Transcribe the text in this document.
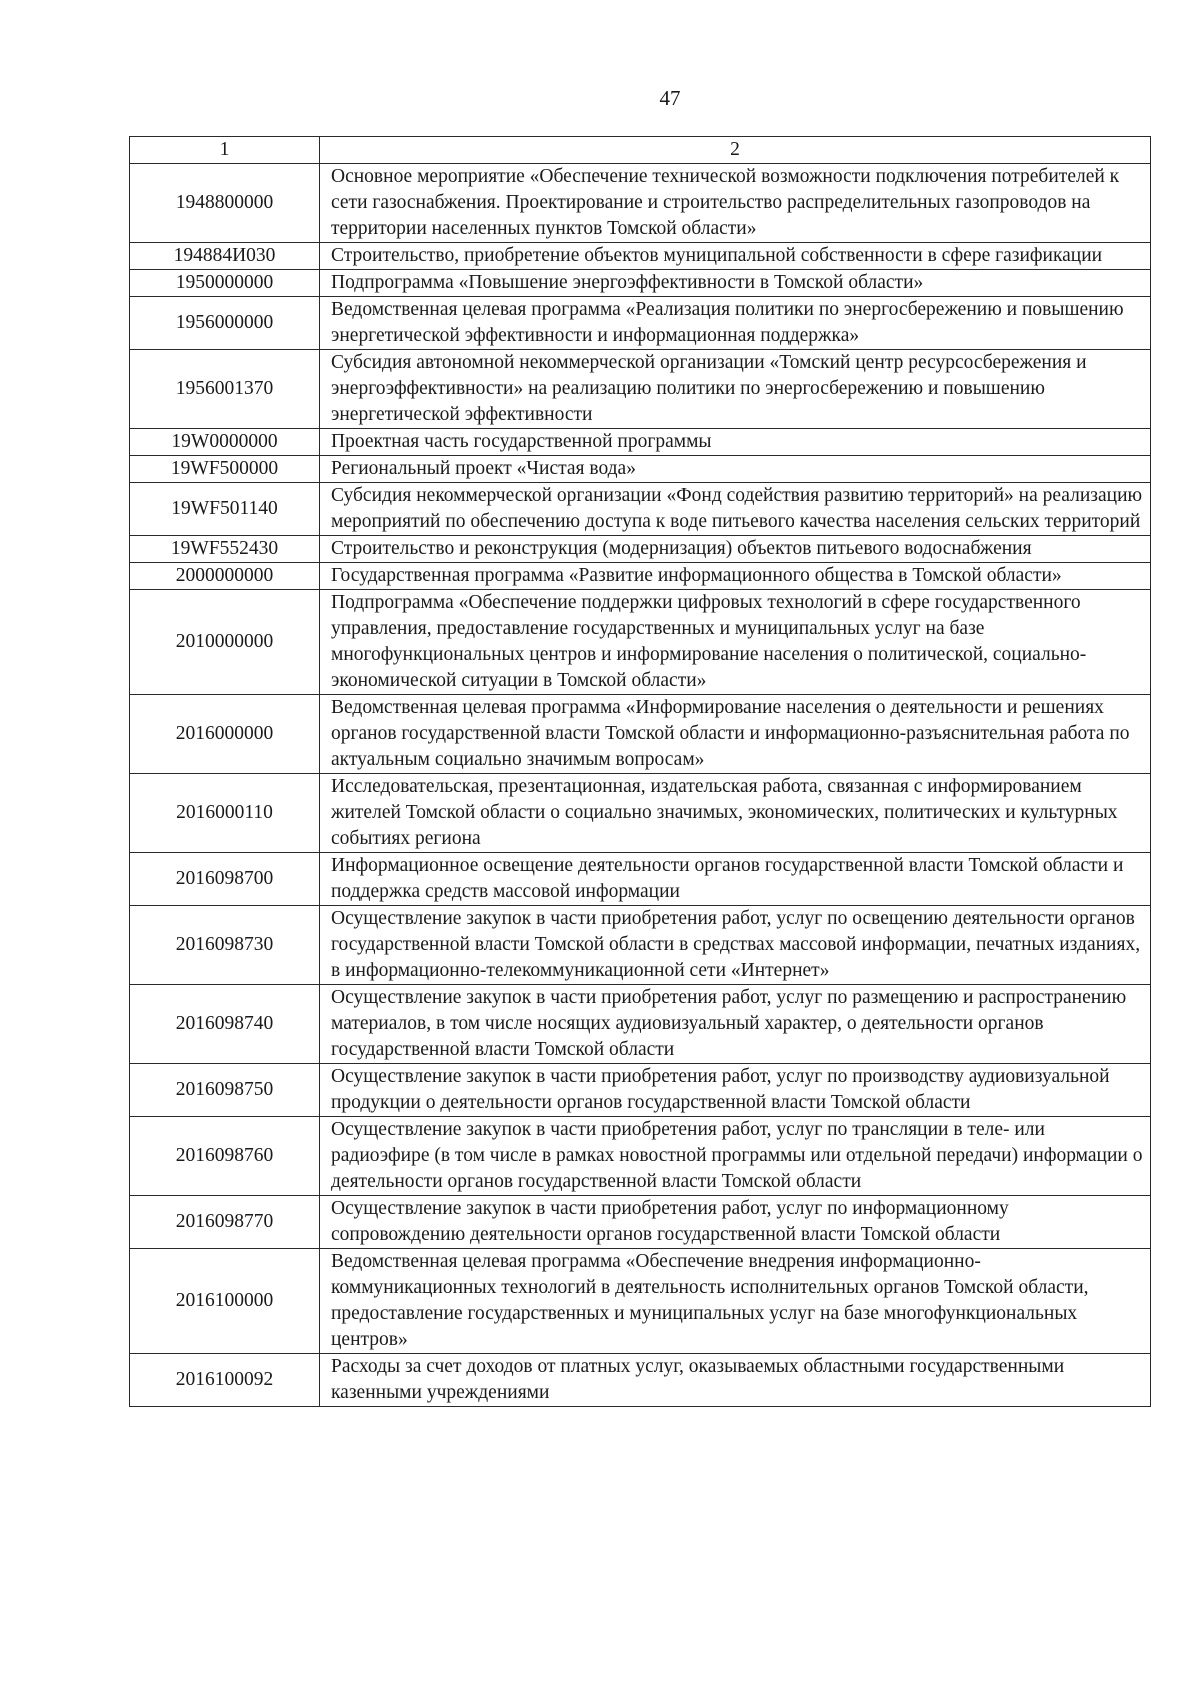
47
1	2
1948800000	Основное мероприятие «Обеспечение технической возможности подключения потребителей к сети газоснабжения. Проектирование и строительство распределительных газопроводов на территории населенных пунктов Томской области»
194884И030	Строительство, приобретение объектов муниципальной собственности в сфере газификации
1950000000	Подпрограмма «Повышение энергоэффективности в Томской области»
1956000000	Ведомственная целевая программа «Реализация политики по энергосбережению и повышению энергетической эффективности и информационная поддержка»
1956001370	Субсидия автономной некоммерческой организации «Томский центр ресурсосбережения и энергоэффективности» на реализацию политики по энергосбережению и повышению энергетической эффективности
19W0000000	Проектная часть государственной программы
19WF500000	Региональный проект «Чистая вода»
19WF501140	Субсидия некоммерческой организации «Фонд содействия развитию территорий» на реализацию мероприятий по обеспечению доступа к воде питьевого качества населения сельских территорий
19WF552430	Строительство и реконструкция (модернизация) объектов питьевого водоснабжения
2000000000	Государственная программа «Развитие информационного общества в Томской области»
2010000000	Подпрограмма «Обеспечение поддержки цифровых технологий в сфере государственного управления, предоставление государственных и муниципальных услуг на базе многофункциональных центров и информирование населения о политической, социально-экономической ситуации в Томской области»
2016000000	Ведомственная целевая программа «Информирование населения о деятельности и решениях органов государственной власти Томской области и информационно-разъяснительная работа по актуальным социально значимым вопросам»
2016000110	Исследовательская, презентационная, издательская работа, связанная с информированием жителей Томской области о социально значимых, экономических, политических и культурных событиях региона
2016098700	Информационное освещение деятельности органов государственной власти Томской области и поддержка средств массовой информации
2016098730	Осуществление закупок в части приобретения работ, услуг по освещению деятельности органов государственной власти Томской области в средствах массовой информации, печатных изданиях, в информационно-телекоммуникационной сети «Интернет»
2016098740	Осуществление закупок в части приобретения работ, услуг по размещению и распространению материалов, в том числе носящих аудиовизуальный характер, о деятельности органов государственной власти Томской области
2016098750	Осуществление закупок в части приобретения работ, услуг по производству аудиовизуальной продукции о деятельности органов государственной власти Томской области
2016098760	Осуществление закупок в части приобретения работ, услуг по трансляции в теле- или радиоэфире (в том числе в рамках новостной программы или отдельной передачи) информации о деятельности органов государственной власти Томской области
2016098770	Осуществление закупок в части приобретения работ, услуг по информационному сопровождению деятельности органов государственной власти Томской области
2016100000	Ведомственная целевая программа «Обеспечение внедрения информационно-коммуникационных технологий в деятельность исполнительных органов Томской области, предоставление государственных и муниципальных услуг на базе многофункциональных центров»
2016100092	Расходы за счет доходов от платных услуг, оказываемых областными государственными казенными учреждениями
